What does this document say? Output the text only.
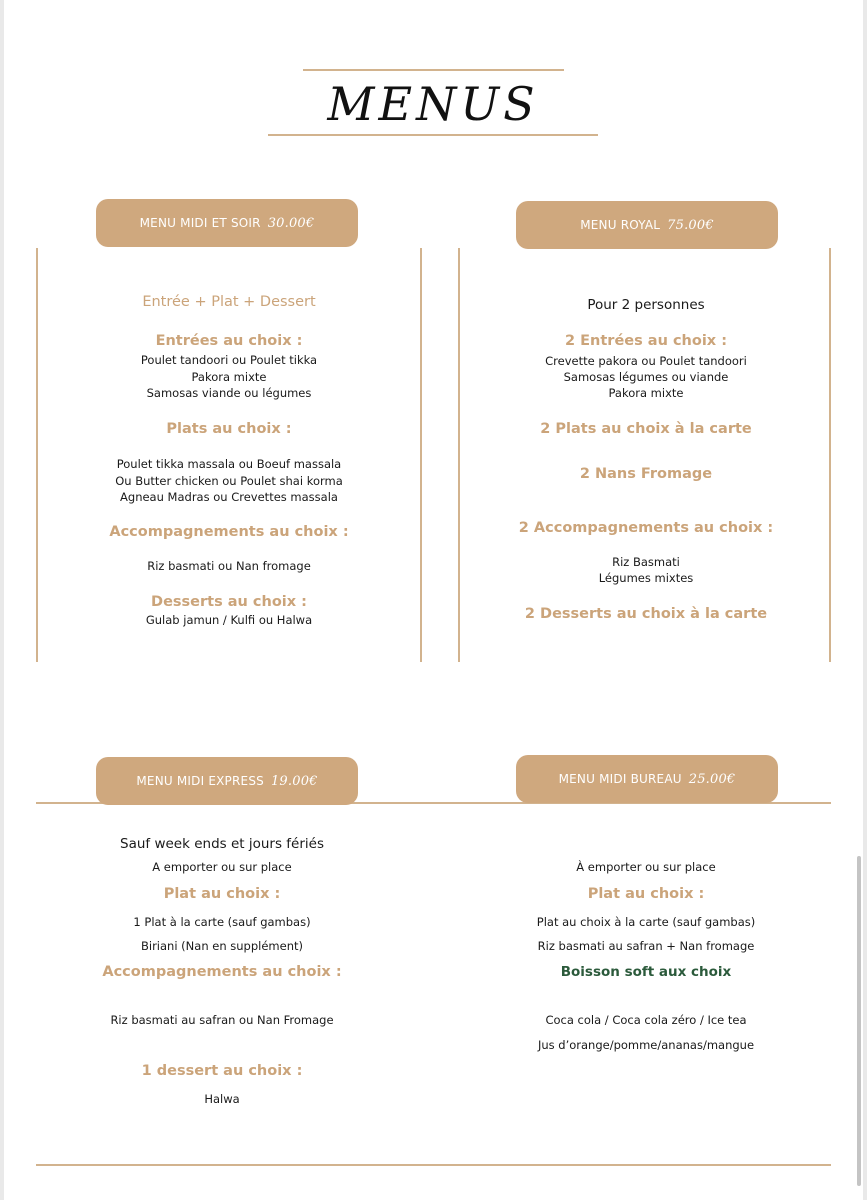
MENUS
MENU MIDI ET SOIR 30.00€
Entrée + Plat + Dessert
Entrées au choix :
Poulet tandoori ou Poulet tikka
Pakora mixte
Samosas viande ou légumes
Plats au choix :
Poulet tikka massala ou Boeuf massala
Ou Butter chicken ou Poulet shai korma
Agneau Madras ou Crevettes massala
Accompagnements au choix :
Riz basmati ou Nan fromage
Desserts au choix :
Gulab jamun / Kulfi ou Halwa
MENU ROYAL 75.00€
Pour 2 personnes
2 Entrées au choix :
Crevette pakora ou Poulet tandoori
Samosas légumes ou viande
Pakora mixte
2 Plats au choix à la carte
2 Nans Fromage
2 Accompagnements au choix :
Riz Basmati
Légumes mixtes
2 Desserts au choix à la carte
MENU MIDI EXPRESS 19.00€
Sauf week ends et jours fériés
A emporter ou sur place
Plat au choix :
1 Plat à la carte (sauf gambas)
Biriani (Nan en supplément)
Accompagnements au choix :
Riz basmati au safran ou Nan Fromage
1 dessert au choix :
Halwa
MENU MIDI BUREAU 25.00€
À emporter ou sur place
Plat au choix :
Plat au choix à la carte (sauf gambas)
Riz basmati au safran + Nan fromage
Boisson soft aux choix
Coca cola / Coca cola zéro / Ice tea
Jus d’orange/pomme/ananas/mangue
